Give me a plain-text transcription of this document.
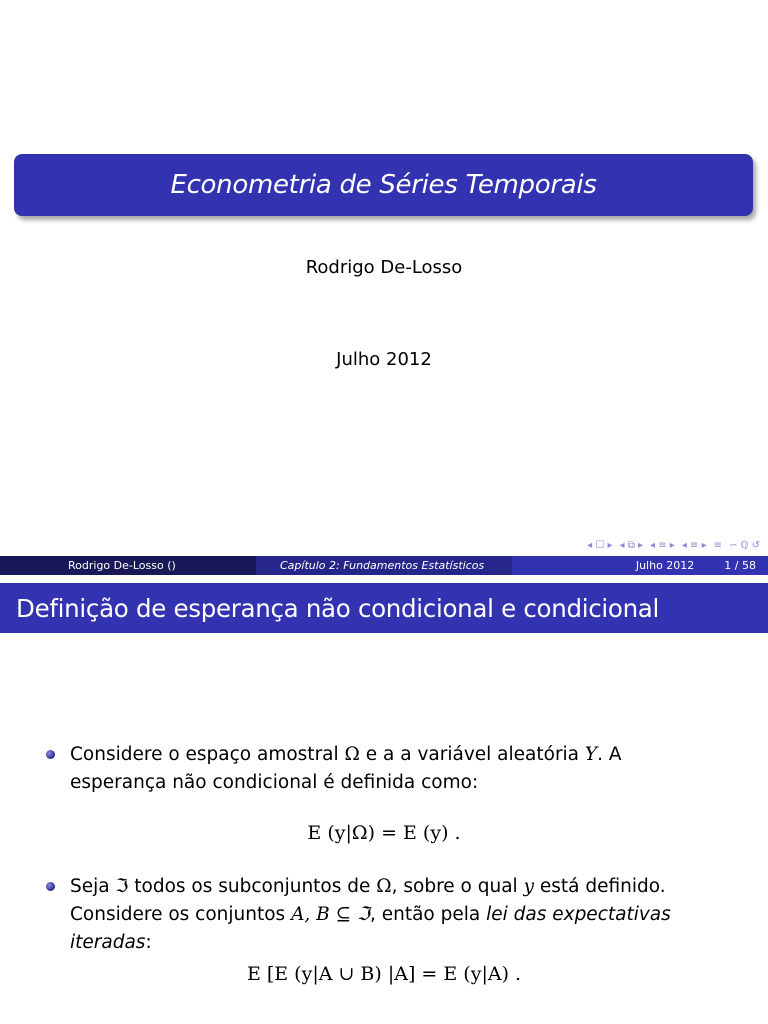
Econometria de Séries Temporais
Rodrigo De-Losso
Julho 2012
◂ ☐ ▸ ◂ ⧉ ▸ ◂ ≡ ▸ ◂ ≡ ▸ ≡ ∽ ℚ ↺
Rodrigo De-Losso ()	Capítulo 2: Fundamentos Estatísticos	Julho 2012	1 / 58
Definição de esperança não condicional e condicional
Considere o espaço amostral Ω e a a variável aleatória Y. A
esperança não condicional é definida como:
E (y|Ω) = E (y) .
Seja ℑ todos os subconjuntos de Ω, sobre o qual y está definido.
Considere os conjuntos A, B ⊆ ℑ, então pela lei das expectativas
iteradas:
E [E (y|A ∪ B) |A] = E (y|A) .
